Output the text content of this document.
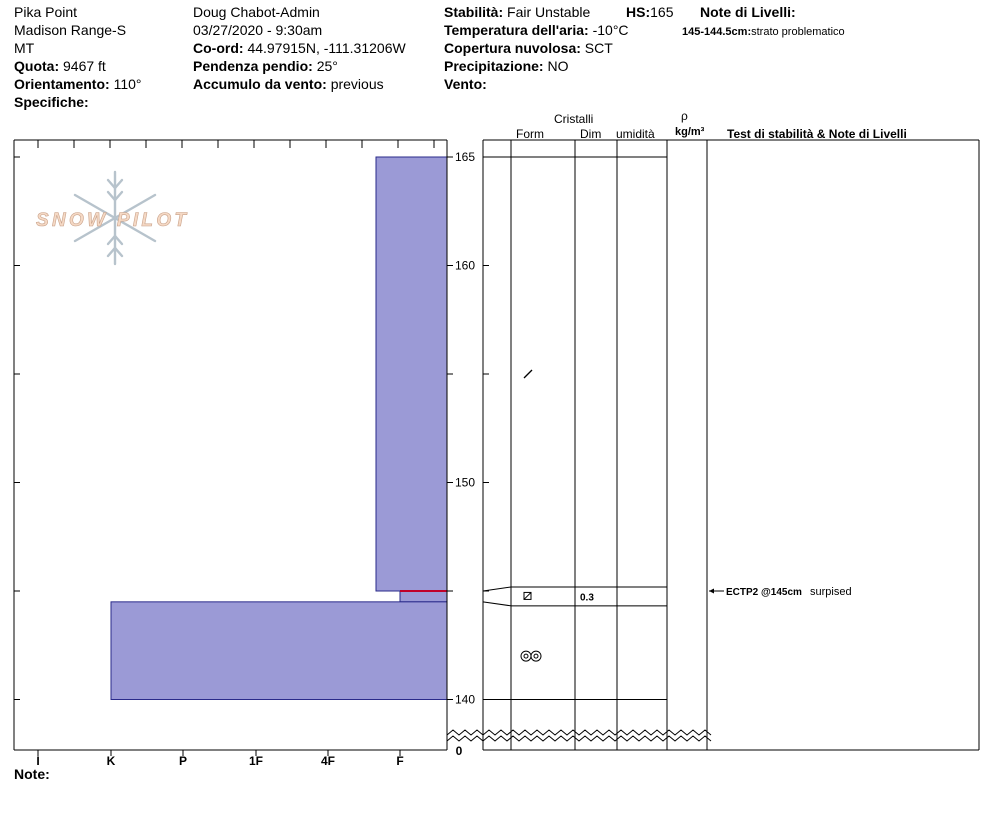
Pika Point
Madison Range-S
MT
Quota: 9467 ft
Orientamento: 110°
Specifiche:
Doug Chabot-Admin
03/27/2020 - 9:30am
Co-ord: 44.97915N, -111.31206W
Pendenza pendio: 25°
Accumulo da vento: previous
Stabilità: Fair Unstable	HS:165
Temperatura dell'aria: -10°C
Copertura nuvolosa: SCT
Precipitazione: NO
Vento:
Note di Livelli:
145-144.5cm:strato problematico
Cristalli
Form	Dim umidità
ρ
kg/m³ Test di stabilità & Note di Livelli
Note:
SNOW PILOT
165
160
150
140
0
I	K	P	1F	4F	F
0.3	ECTP2 @145cm surpised
